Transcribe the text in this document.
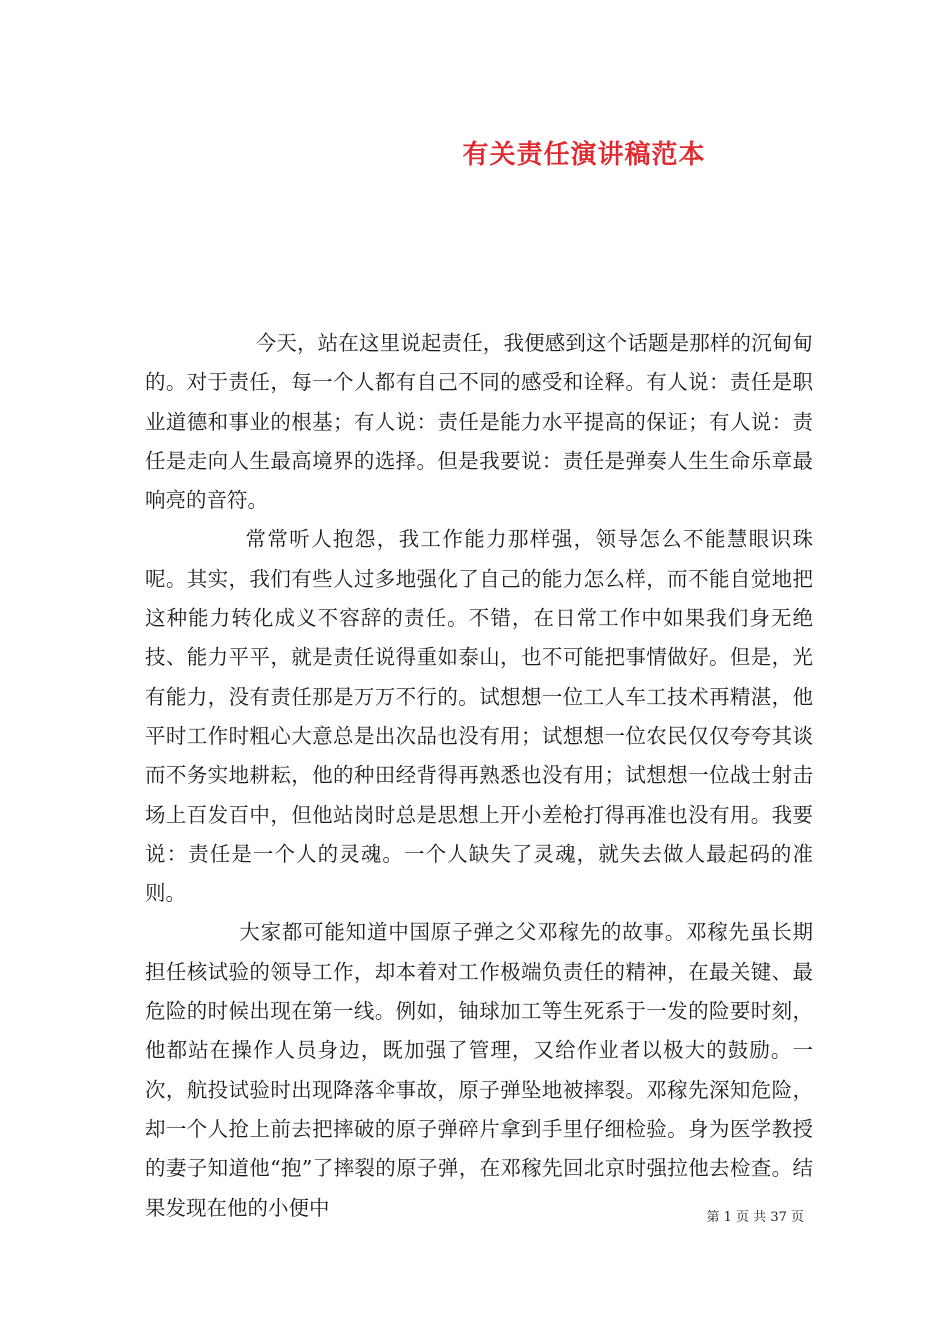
有关责任演讲稿范本

今天，站在这里说起责任，我便感到这个话题是那样的沉甸甸的。对于责任，每一个人都有自己不同的感受和诠释。有人说：责任是职业道德和事业的根基；有人说：责任是能力水平提高的保证；有人说：责任是走向人生最高境界的选择。但是我要说：责任是弹奏人生生命乐章最响亮的音符。

常常听人抱怨，我工作能力那样强，领导怎么不能慧眼识珠呢。其实，我们有些人过多地强化了自己的能力怎么样，而不能自觉地把这种能力转化成义不容辞的责任。不错，在日常工作中如果我们身无绝技、能力平平，就是责任说得重如泰山，也不可能把事情做好。但是，光有能力，没有责任那是万万不行的。试想想一位工人车工技术再精湛，他平时工作时粗心大意总是出次品也没有用；试想想一位农民仅仅夸夸其谈而不务实地耕耘，他的种田经背得再熟悉也没有用；试想想一位战士射击场上百发百中，但他站岗时总是思想上开小差枪打得再准也没有用。我要说：责任是一个人的灵魂。一个人缺失了灵魂，就失去做人最起码的准则。

大家都可能知道中国原子弹之父邓稼先的故事。邓稼先虽长期担任核试验的领导工作，却本着对工作极端负责任的精神，在最关键、最危险的时候出现在第一线。例如，铀球加工等生死系于一发的险要时刻，他都站在操作人员身边，既加强了管理，又给作业者以极大的鼓励。一次，航投试验时出现降落伞事故，原子弹坠地被摔裂。邓稼先深知危险，却一个人抢上前去把摔破的原子弹碎片拿到手里仔细检验。身为医学教授的妻子知道他“抱”了摔裂的原子弹，在邓稼先回北京时强拉他去检查。结果发现在他的小便中	第 1 页 共 37 页
